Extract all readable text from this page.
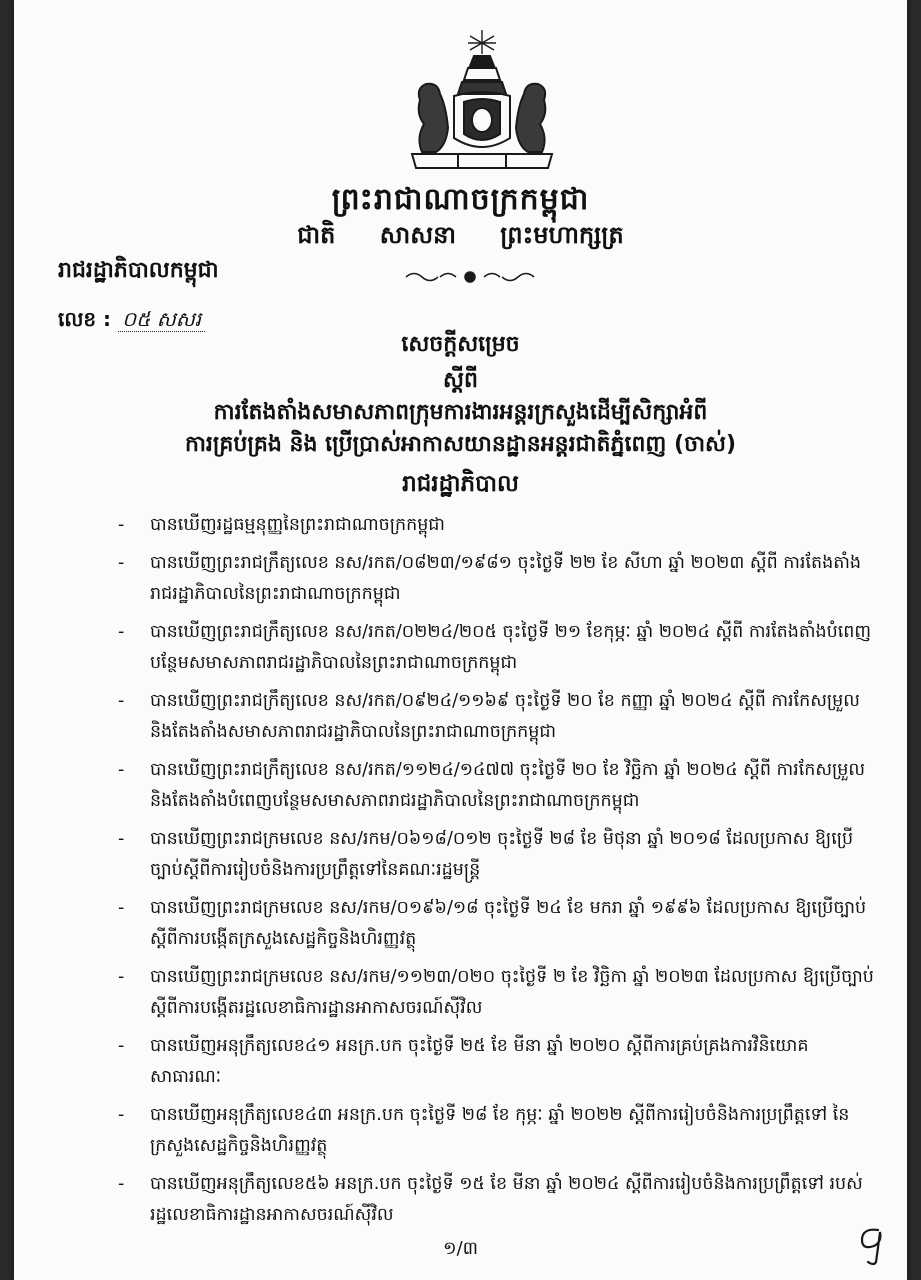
ព្រះរាជាណាចក្រកម្ពុជា
ជាតិ សាសនា ព្រះមហាក្សត្រ
រាជរដ្ឋាភិបាលកម្ពុជា
លេខ : ០៥ សសរ
សេចក្ដីសម្រេច
ស្ដីពី
ការតែងតាំងសមាសភាពក្រុមការងារអន្តរក្រសួងដើម្បីសិក្សាអំពី
ការគ្រប់គ្រង និង ប្រើប្រាស់អាកាសយានដ្ឋានអន្តរជាតិភ្នំពេញ (ចាស់)
រាជរដ្ឋាភិបាល
- បានឃើញរដ្ឋធម្មនុញ្ញនៃព្រះរាជាណាចក្រកម្ពុជា
- បានឃើញព្រះរាជក្រឹត្យលេខ នស/រកត/០៨២៣/១៩៨១ ចុះថ្ងៃទី ២២ ខែ សីហា ឆ្នាំ ២០២៣ ស្ដីពី ការតែងតាំងរាជរដ្ឋាភិបាលនៃព្រះរាជាណាចក្រកម្ពុជា
- បានឃើញព្រះរាជក្រឹត្យលេខ នស/រកត/០២២៤/២០៥ ចុះថ្ងៃទី ២១ ខែកុម្ភៈ ឆ្នាំ ២០២៤ ស្ដីពី ការតែងតាំងបំពេញបន្ថែមសមាសភាពរាជរដ្ឋាភិបាលនៃព្រះរាជាណាចក្រកម្ពុជា
- បានឃើញព្រះរាជក្រឹត្យលេខ នស/រកត/០៩២៤/១១៦៩ ចុះថ្ងៃទី ២០ ខែ កញ្ញា ឆ្នាំ ២០២៤ ស្ដីពី ការកែសម្រួលនិងតែងតាំងសមាសភាពរាជរដ្ឋាភិបាលនៃព្រះរាជាណាចក្រកម្ពុជា
- បានឃើញព្រះរាជក្រឹត្យលេខ នស/រកត/១១២៤/១៤៧៧ ចុះថ្ងៃទី ២០ ខែ វិច្ឆិកា ឆ្នាំ ២០២៤ ស្ដីពី ការកែសម្រួលនិងតែងតាំងបំពេញបន្ថែមសមាសភាពរាជរដ្ឋាភិបាលនៃព្រះរាជាណាចក្រកម្ពុជា
- បានឃើញព្រះរាជក្រមលេខ នស/រកម/០៦១៨/០១២ ចុះថ្ងៃទី ២៨ ខែ មិថុនា ឆ្នាំ ២០១៨ ដែលប្រកាស ឱ្យប្រើច្បាប់ស្ដីពីការរៀបចំនិងការប្រព្រឹត្តទៅនៃគណៈរដ្ឋមន្ត្រី
- បានឃើញព្រះរាជក្រមលេខ នស/រកម/០១៩៦/១៨ ចុះថ្ងៃទី ២៤ ខែ មករា ឆ្នាំ ១៩៩៦ ដែលប្រកាស ឱ្យប្រើច្បាប់ស្ដីពីការបង្កើតក្រសួងសេដ្ឋកិច្ចនិងហិរញ្ញវត្ថុ
- បានឃើញព្រះរាជក្រមលេខ នស/រកម/១១២៣/០២០ ចុះថ្ងៃទី ២ ខែ វិច្ឆិកា ឆ្នាំ ២០២៣ ដែលប្រកាស ឱ្យប្រើច្បាប់ស្ដីពីការបង្កើតរដ្ឋលេខាធិការដ្ឋានអាកាសចរណ៍ស៊ីវិល
- បានឃើញអនុក្រឹត្យលេខ៤១ អនក្រ.បក ចុះថ្ងៃទី ២៥ ខែ មីនា ឆ្នាំ ២០២០ ស្ដីពីការគ្រប់គ្រងការវិនិយោគ សាធារណៈ
- បានឃើញអនុក្រឹត្យលេខ៤៣ អនក្រ.បក ចុះថ្ងៃទី ២៨ ខែ កុម្ភៈ ឆ្នាំ ២០២២ ស្ដីពីការរៀបចំនិងការប្រព្រឹត្តទៅ នៃក្រសួងសេដ្ឋកិច្ចនិងហិរញ្ញវត្ថុ
- បានឃើញអនុក្រឹត្យលេខ៥៦ អនក្រ.បក ចុះថ្ងៃទី ១៥ ខែ មីនា ឆ្នាំ ២០២៤ ស្ដីពីការរៀបចំនិងការប្រព្រឹត្តទៅ របស់រដ្ឋលេខាធិការដ្ឋានអាកាសចរណ៍ស៊ីវិល
១/៣
